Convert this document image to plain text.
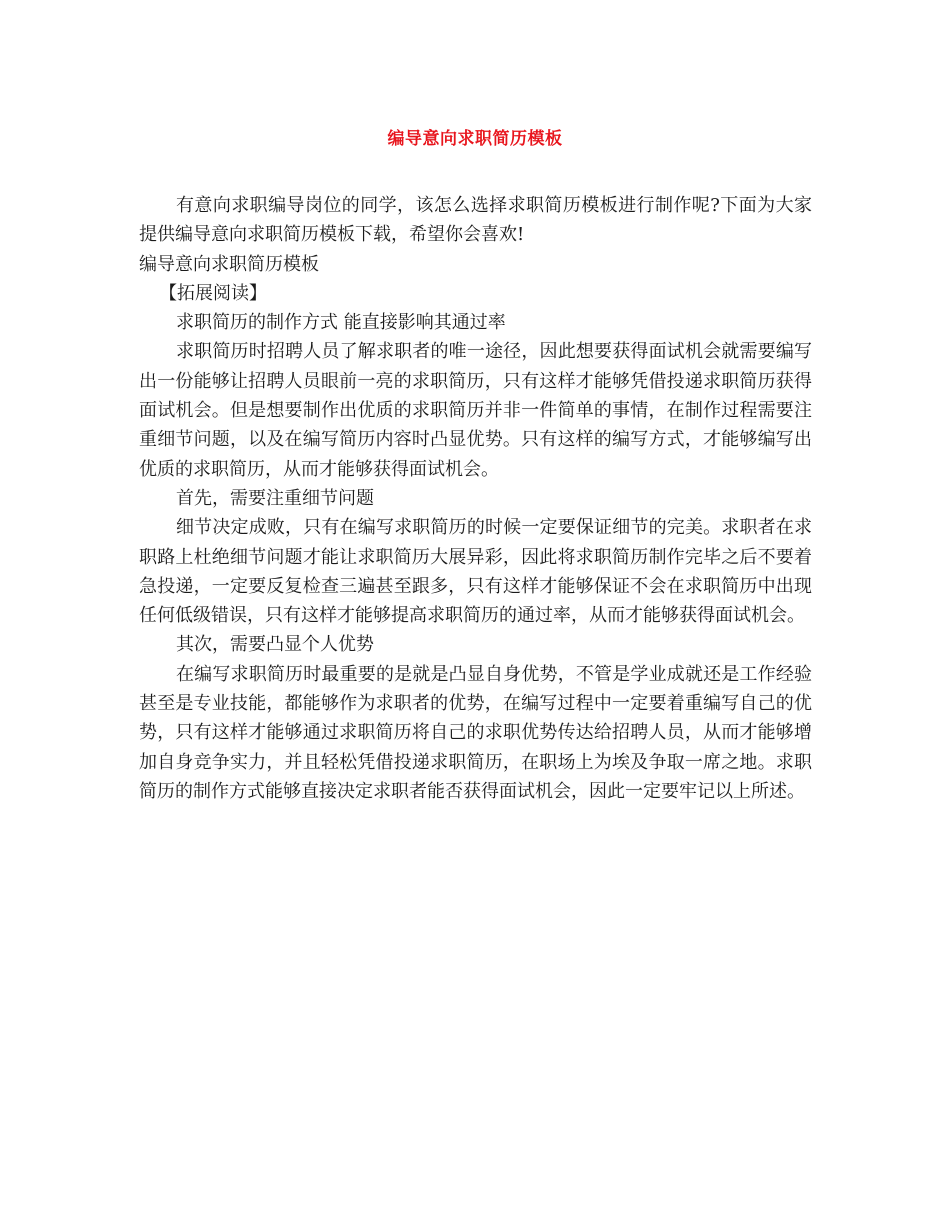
编导意向求职简历模板

有意向求职编导岗位的同学，该怎么选择求职简历模板进行制作呢?下面为大家提供编导意向求职简历模板下载，希望你会喜欢!

编导意向求职简历模板

【拓展阅读】

求职简历的制作方式 能直接影响其通过率

求职简历时招聘人员了解求职者的唯一途径，因此想要获得面试机会就需要编写出一份能够让招聘人员眼前一亮的求职简历，只有这样才能够凭借投递求职简历获得面试机会。但是想要制作出优质的求职简历并非一件简单的事情，在制作过程需要注重细节问题，以及在编写简历内容时凸显优势。只有这样的编写方式，才能够编写出优质的求职简历，从而才能够获得面试机会。

首先，需要注重细节问题

细节决定成败，只有在编写求职简历的时候一定要保证细节的完美。求职者在求职路上杜绝细节问题才能让求职简历大展异彩，因此将求职简历制作完毕之后不要着急投递，一定要反复检查三遍甚至跟多，只有这样才能够保证不会在求职简历中出现任何低级错误，只有这样才能够提高求职简历的通过率，从而才能够获得面试机会。

其次，需要凸显个人优势

在编写求职简历时最重要的是就是凸显自身优势，不管是学业成就还是工作经验甚至是专业技能，都能够作为求职者的优势，在编写过程中一定要着重编写自己的优势，只有这样才能够通过求职简历将自己的求职优势传达给招聘人员，从而才能够增加自身竞争实力，并且轻松凭借投递求职简历，在职场上为埃及争取一席之地。求职简历的制作方式能够直接决定求职者能否获得面试机会，因此一定要牢记以上所述。
